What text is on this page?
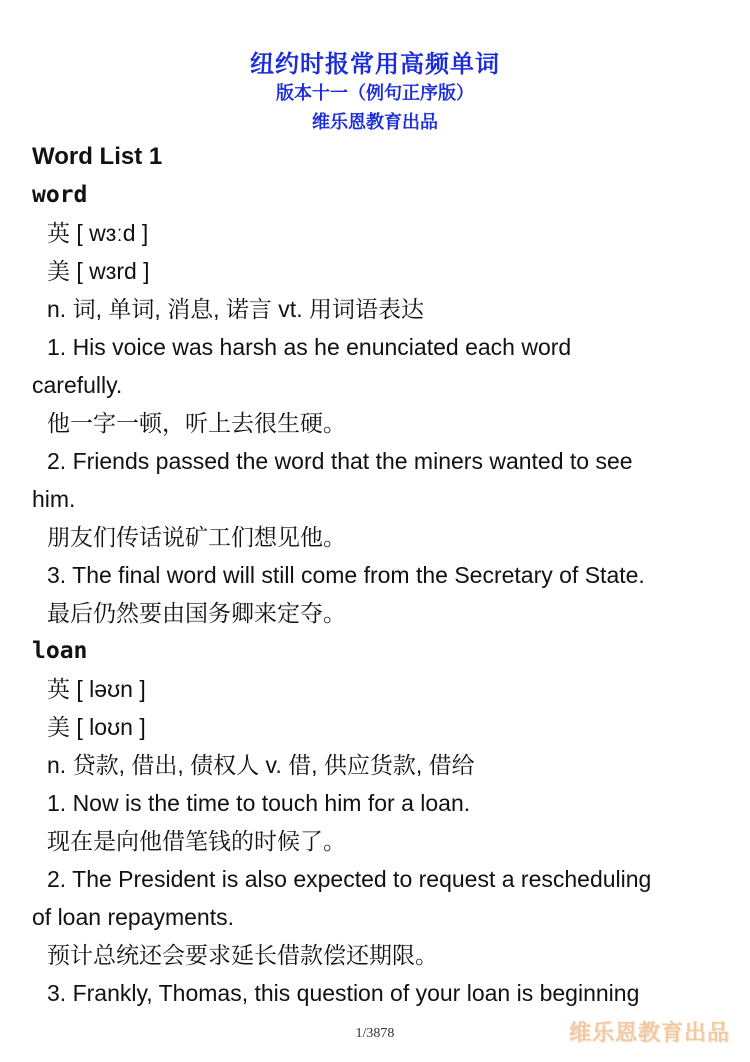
纽约时报常用高频单词
版本十一（例句正序版）
维乐恩教育出品
Word List 1
word
英 [ wɜːd ]
美 [ wɜrd ]
n. 词, 单词, 消息, 诺言 vt. 用词语表达
1. His voice was harsh as he enunciated each word
carefully.
他一字一顿，听上去很生硬。
2. Friends passed the word that the miners wanted to see
him.
朋友们传话说矿工们想见他。
3. The final word will still come from the Secretary of State.
最后仍然要由国务卿来定夺。
loan
英 [ ləʊn ]
美 [ loʊn ]
n. 贷款, 借出, 债权人 v. 借, 供应货款, 借给
1. Now is the time to touch him for a loan.
现在是向他借笔钱的时候了。
2. The President is also expected to request a rescheduling
of loan repayments.
预计总统还会要求延长借款偿还期限。
3. Frankly, Thomas, this question of your loan is beginning
1/3878	维乐恩教育出品
